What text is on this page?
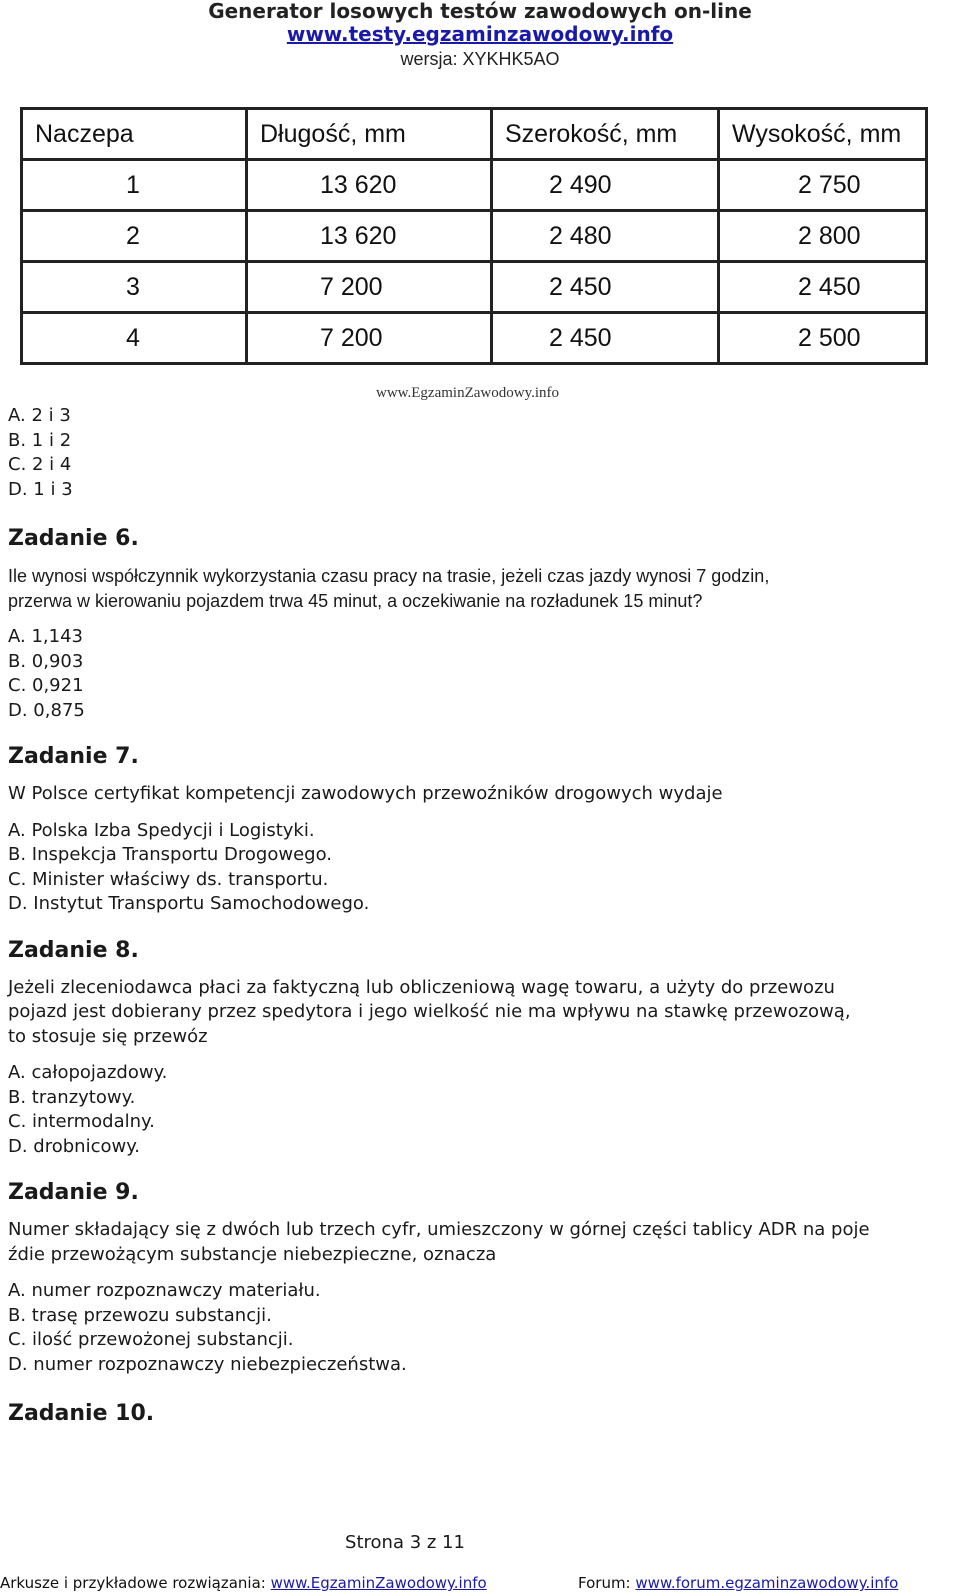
Generator losowych testów zawodowych on-line
www.testy.egzaminzawodowy.info
wersja: XYKHK5AO
Naczepa	Długość, mm	Szerokość, mm	Wysokość, mm
1	13 620	2 490	2 750
2	13 620	2 480	2 800
3	7 200	2 450	2 450
4	7 200	2 450	2 500
www.EgzaminZawodowy.info

A. 2 i 3

B. 1 i 2

C. 2 i 4

D. 1 i 3

Zadanie 6.

Ile wynosi współczynnik wykorzystania czasu pracy na trasie, jeżeli czas jazdy wynosi 7 godzin,

przerwa w kierowaniu pojazdem trwa 45 minut, a oczekiwanie na rozładunek 15 minut?

A. 1,143

B. 0,903

C. 0,921

D. 0,875

Zadanie 7.

W Polsce certyfikat kompetencji zawodowych przewoźników drogowych wydaje

A. Polska Izba Spedycji i Logistyki.

B. Inspekcja Transportu Drogowego.

C. Minister właściwy ds. transportu.

D. Instytut Transportu Samochodowego.

Zadanie 8.

Jeżeli zleceniodawca płaci za faktyczną lub obliczeniową wagę towaru, a użyty do przewozu

pojazd jest dobierany przez spedytora i jego wielkość nie ma wpływu na stawkę przewozową,

to stosuje się przewóz

A. całopojazdowy.

B. tranzytowy.

C. intermodalny.

D. drobnicowy.

Zadanie 9.

Numer składający się z dwóch lub trzech cyfr, umieszczony w górnej części tablicy ADR na poje

źdie przewożącym substancje niebezpieczne, oznacza

A. numer rozpoznawczy materiału.

B. trasę przewozu substancji.

C. ilość przewożonej substancji.

D. numer rozpoznawczy niebezpieczeństwa.

Zadanie 10.

Strona 3 z 11
Arkusze i przykładowe rozwiązania: www.EgzaminZawodowy.info	Forum: www.forum.egzaminzawodowy.info
